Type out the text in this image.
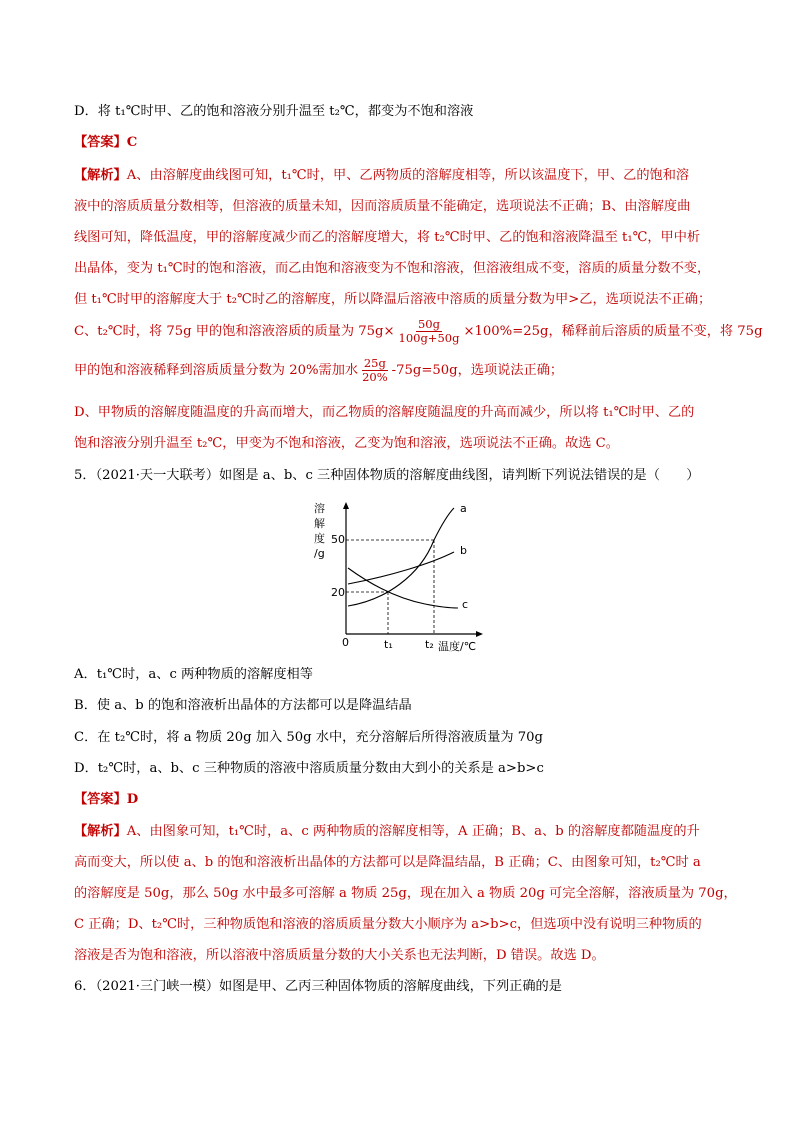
D．将 t₁℃时甲、乙的饱和溶液分别升温至 t₂℃，都变为不饱和溶液
【答案】C
【解析】A、由溶解度曲线图可知，t₁℃时，甲、乙两物质的溶解度相等，所以该温度下，甲、乙的饱和溶
液中的溶质质量分数相等，但溶液的质量未知，因而溶质质量不能确定，选项说法不正确；B、由溶解度曲
线图可知，降低温度，甲的溶解度减少而乙的溶解度增大，将 t₂℃时甲、乙的饱和溶液降温至 t₁℃，甲中析
出晶体，变为 t₁℃时的饱和溶液，而乙由饱和溶液变为不饱和溶液，但溶液组成不变，溶质的质量分数不变，
但 t₁℃时甲的溶解度大于 t₂℃时乙的溶解度，所以降温后溶液中溶质的质量分数为甲>乙，选项说法不正确；
C、t₂℃时，将 75g 甲的饱和溶液溶质的质量为 $75g\times \frac{50g}{100g+50g} \times 100\%=25g$，稀释前后溶质的质量不变，将 75g
甲的饱和溶液稀释到溶质质量分数为 20%需加水 $\frac{25g}{20\%} -75g=50g$，选项说法正确；
D、甲物质的溶解度随温度的升高而增大，而乙物质的溶解度随温度的升高而减少，所以将 t₁℃时甲、乙的
饱和溶液分别升温至 t₂℃，甲变为不饱和溶液，乙变为饱和溶液，选项说法不正确。故选 C。
5．（2021·天一大联考）如图是 a、b、c 三种固体物质的溶解度曲线图，请判断下列说法错误的是（　　）
溶
解
度
/g
50
20
0	t₁	t₂ 温度/℃
a
b
c
A．t₁℃时，a、c 两种物质的溶解度相等
B．使 a、b 的饱和溶液析出晶体的方法都可以是降温结晶
C．在 t₂℃时，将 a 物质 20g 加入 50g 水中，充分溶解后所得溶液质量为 70g
D．t₂℃时，a、b、c 三种物质的溶液中溶质质量分数由大到小的关系是 a>b>c
【答案】D
【解析】A、由图象可知，t₁℃时，a、c 两种物质的溶解度相等，A 正确；B、a、b 的溶解度都随温度的升
高而变大，所以使 a、b 的饱和溶液析出晶体的方法都可以是降温结晶，B 正确；C、由图象可知，t₂℃时 a
的溶解度是 50g，那么 50g 水中最多可溶解 a 物质 25g，现在加入 a 物质 20g 可完全溶解，溶液质量为 70g，
C 正确；D、t₂℃时，三种物质饱和溶液的溶质质量分数大小顺序为 a>b>c，但选项中没有说明三种物质的
溶液是否为饱和溶液，所以溶液中溶质质量分数的大小关系也无法判断，D 错误。故选 D。
6．（2021·三门峡一模）如图是甲、乙丙三种固体物质的溶解度曲线，下列正确的是
